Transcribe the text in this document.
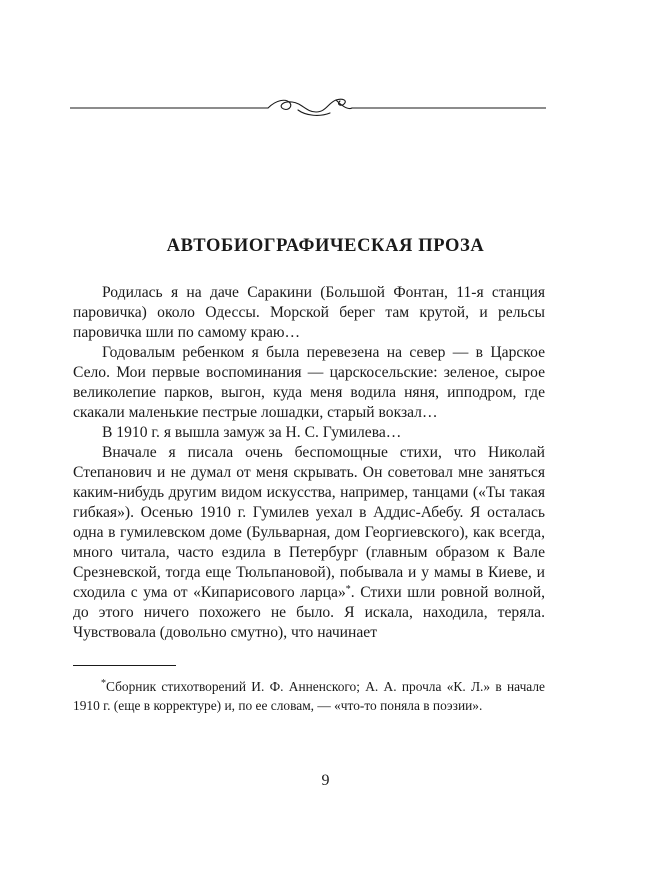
АВТОБИОГРАФИЧЕСКАЯ ПРОЗА

Родилась я на даче Саракини (Большой Фонтан, 11-я станция паровичка) около Одессы. Морской берег там крутой, и рельсы паровичка шли по самому краю…

Годовалым ребенком я была перевезена на север — в Царское Село. Мои первые воспоминания — царскосельские: зеленое, сырое великолепие парков, выгон, куда меня водила няня, ипподром, где скакали маленькие пестрые лошадки, старый вокзал…

В 1910 г. я вышла замуж за Н. С. Гумилева…

Вначале я писала очень беспомощные стихи, что Николай Степанович и не думал от меня скрывать. Он советовал мне заняться каким-нибудь другим видом искусства, например, танцами («Ты такая гибкая»). Осенью 1910 г. Гумилев уехал в Аддис-Абебу. Я осталась одна в гумилевском доме (Бульварная, дом Георгиевского), как всегда, много читала, часто ездила в Петербург (главным образом к Вале Срезневской, тогда еще Тюльпановой), побывала и у мамы в Киеве, и сходила с ума от «Кипарисового ларца»*. Стихи шли ровной волной, до этого ничего похожего не было. Я искала, находила, теряла. Чувствовала (довольно смутно), что начинает

*Сборник стихотворений И. Ф. Анненского; А. А. прочла «К. Л.» в начале 1910 г. (еще в корректуре) и, по ее словам, — «что-то поняла в поэзии».

9
